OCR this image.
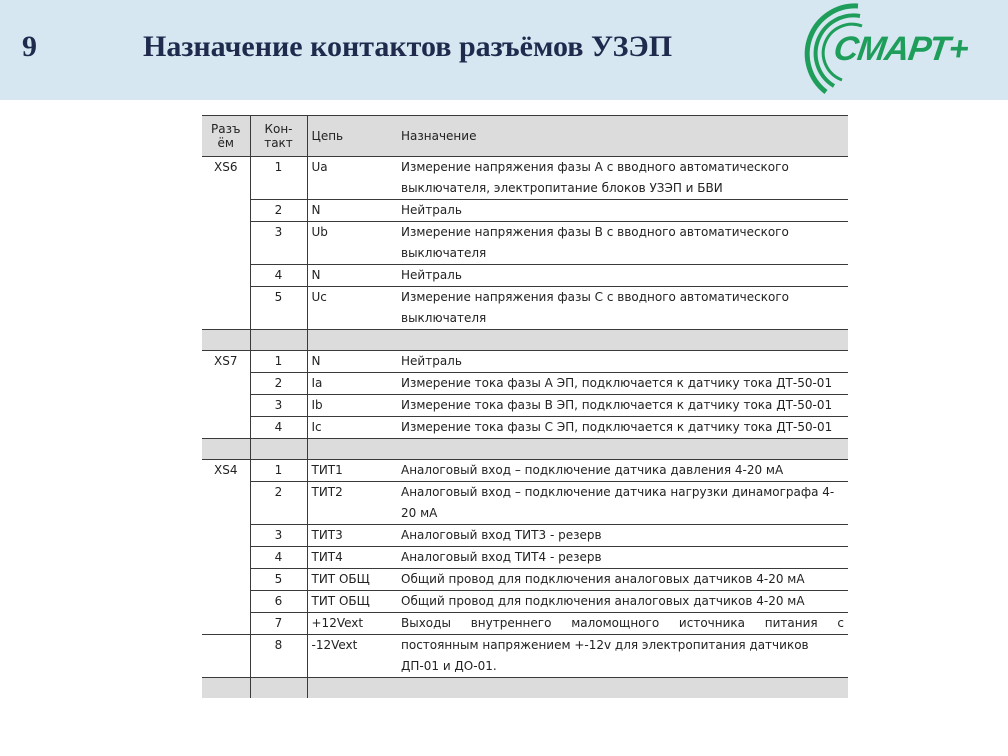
9	Назначение контактов разъёмов УЗЭП	СМАРТ+
Разъ ём	Кон- такт	Цепь	Назначение
XS6	1	Ua	Измерение напряжения фазы А с вводного автоматического выключателя, электропитание блоков УЗЭП и БВИ
	2	N	Нейтраль
	3	Ub	Измерение напряжения фазы В с вводного автоматического выключателя
	4	N	Нейтраль
	5	Uc	Измерение напряжения фазы С с вводного автоматического выключателя

XS7	1	N	Нейтраль
	2	Ia	Измерение тока фазы А ЭП, подключается к датчику тока ДТ-50-01
	3	Ib	Измерение тока фазы В ЭП, подключается к датчику тока ДТ-50-01
	4	Ic	Измерение тока фазы С ЭП, подключается к датчику тока ДТ-50-01

XS4	1	ТИТ1	Аналоговый вход – подключение датчика давления 4-20 мА
	2	ТИТ2	Аналоговый вход – подключение датчика нагрузки динамографа 4-20 мА
	3	ТИТ3	Аналоговый вход ТИТ3 - резерв
	4	ТИТ4	Аналоговый вход ТИТ4 - резерв
	5	ТИТ ОБЩ	Общий провод для подключения аналоговых датчиков 4-20 мА
	6	ТИТ ОБЩ	Общий провод для подключения аналоговых датчиков 4-20 мА
	7	+12Vext	Выходы внутреннего маломощного источника питания с
	8	-12Vext	постоянным напряжением +-12v для электропитания датчиков ДП-01 и ДО-01.
